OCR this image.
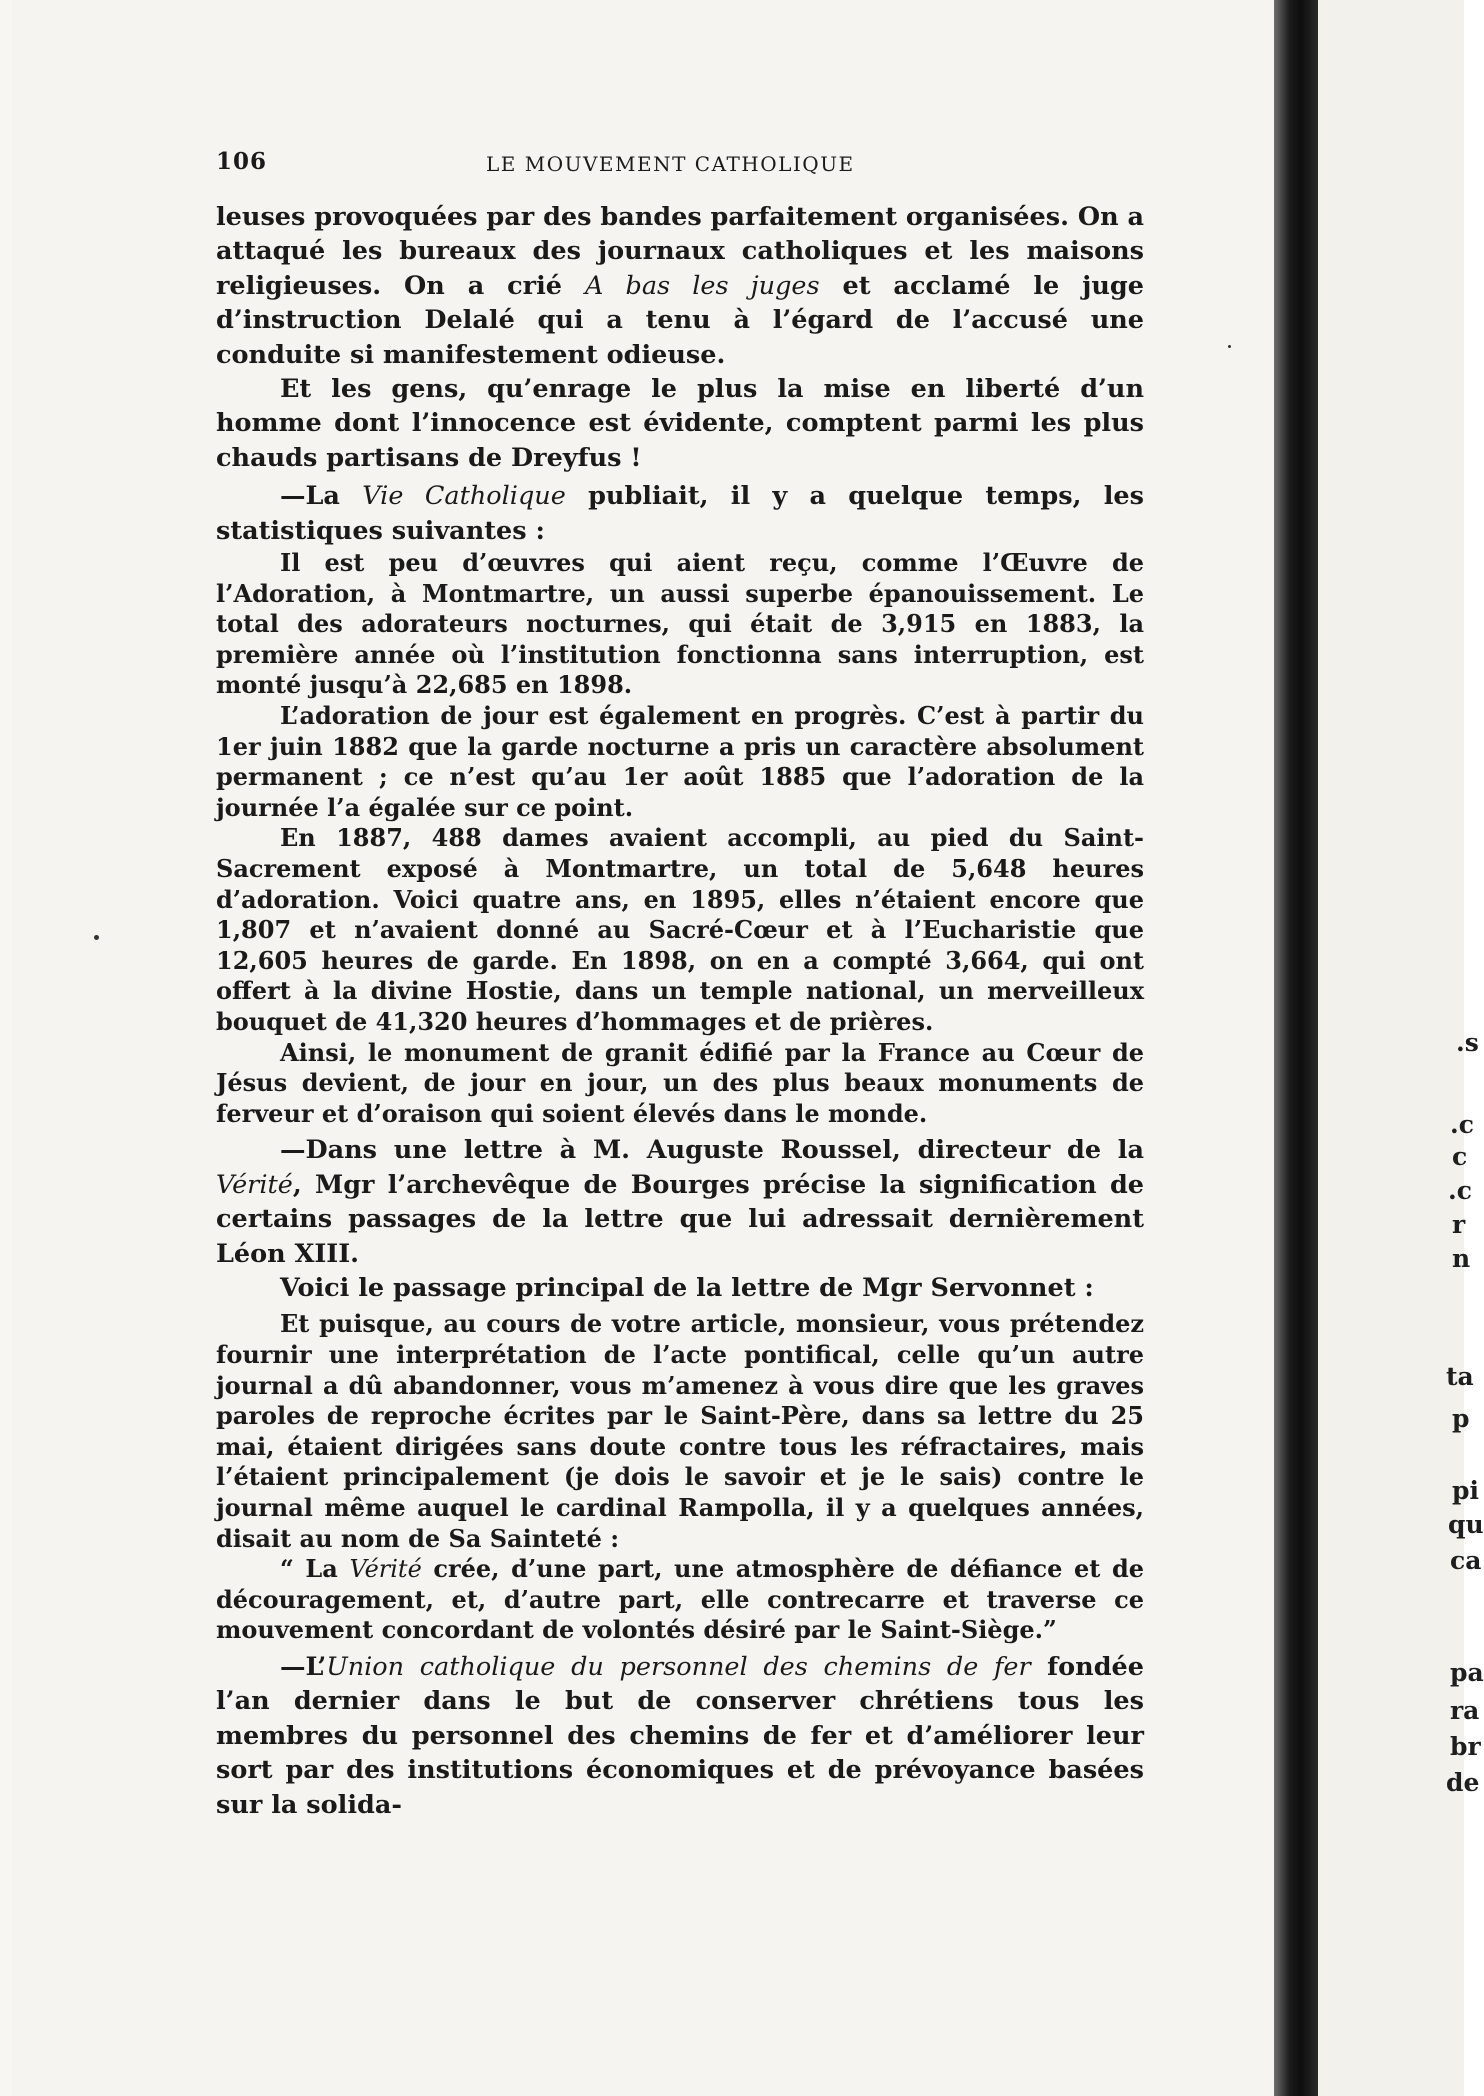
106	LE MOUVEMENT CATHOLIQUE

leuses provoquées par des bandes parfaitement organisées. On a attaqué les bureaux des journaux catholiques et les maisons religieuses. On a crié A bas les juges et acclamé le juge d’instruction Delalé qui a tenu à l’égard de l’accusé une conduite si manifestement odieuse.

Et les gens, qu’enrage le plus la mise en liberté d’un homme dont l’innocence est évidente, comptent parmi les plus chauds partisans de Dreyfus !

—La Vie Catholique publiait, il y a quelque temps, les statistiques suivantes :

Il est peu d’œuvres qui aient reçu, comme l’Œuvre de l’Adoration, à Montmartre, un aussi superbe épanouissement. Le total des adorateurs nocturnes, qui était de 3,915 en 1883, la première année où l’institution fonctionna sans interruption, est monté jusqu’à 22,685 en 1898.

L’adoration de jour est également en progrès. C’est à partir du 1er juin 1882 que la garde nocturne a pris un caractère absolument permanent ; ce n’est qu’au 1er août 1885 que l’adoration de la journée l’a égalée sur ce point.

En 1887, 488 dames avaient accompli, au pied du Saint-Sacrement exposé à Montmartre, un total de 5,648 heures d’adoration. Voici quatre ans, en 1895, elles n’étaient encore que 1,807 et n’avaient donné au Sacré-Cœur et à l’Eucharistie que 12,605 heures de garde. En 1898, on en a compté 3,664, qui ont offert à la divine Hostie, dans un temple national, un merveilleux bouquet de 41,320 heures d’hommages et de prières.

Ainsi, le monument de granit édifié par la France au Cœur de Jésus devient, de jour en jour, un des plus beaux monuments de ferveur et d’oraison qui soient élevés dans le monde.

—Dans une lettre à M. Auguste Roussel, directeur de la Vérité, Mgr l’archevêque de Bourges précise la signification de certains passages de la lettre que lui adressait dernièrement Léon XIII.

Voici le passage principal de la lettre de Mgr Servonnet :

Et puisque, au cours de votre article, monsieur, vous prétendez fournir une interprétation de l’acte pontifical, celle qu’un autre journal a dû abandonner, vous m’amenez à vous dire que les graves paroles de reproche écrites par le Saint-Père, dans sa lettre du 25 mai, étaient dirigées sans doute contre tous les réfractaires, mais l’étaient principalement (je dois le savoir et je le sais) contre le journal même auquel le cardinal Rampolla, il y a quelques années, disait au nom de Sa Sainteté :

“ La Vérité crée, d’une part, une atmosphère de défiance et de découragement, et, d’autre part, elle contrecarre et traverse ce mouvement concordant de volontés désiré par le Saint-Siège.”

—L’Union catholique du personnel des chemins de fer fondée l’an dernier dans le but de conserver chrétiens tous les membres du personnel des chemins de fer et d’améliorer leur sort par des institutions économiques et de prévoyance basées sur la solida-

.s
.c
c
.c
r
n
ta
p
pi
qu
ca
pa
ra
br
de
